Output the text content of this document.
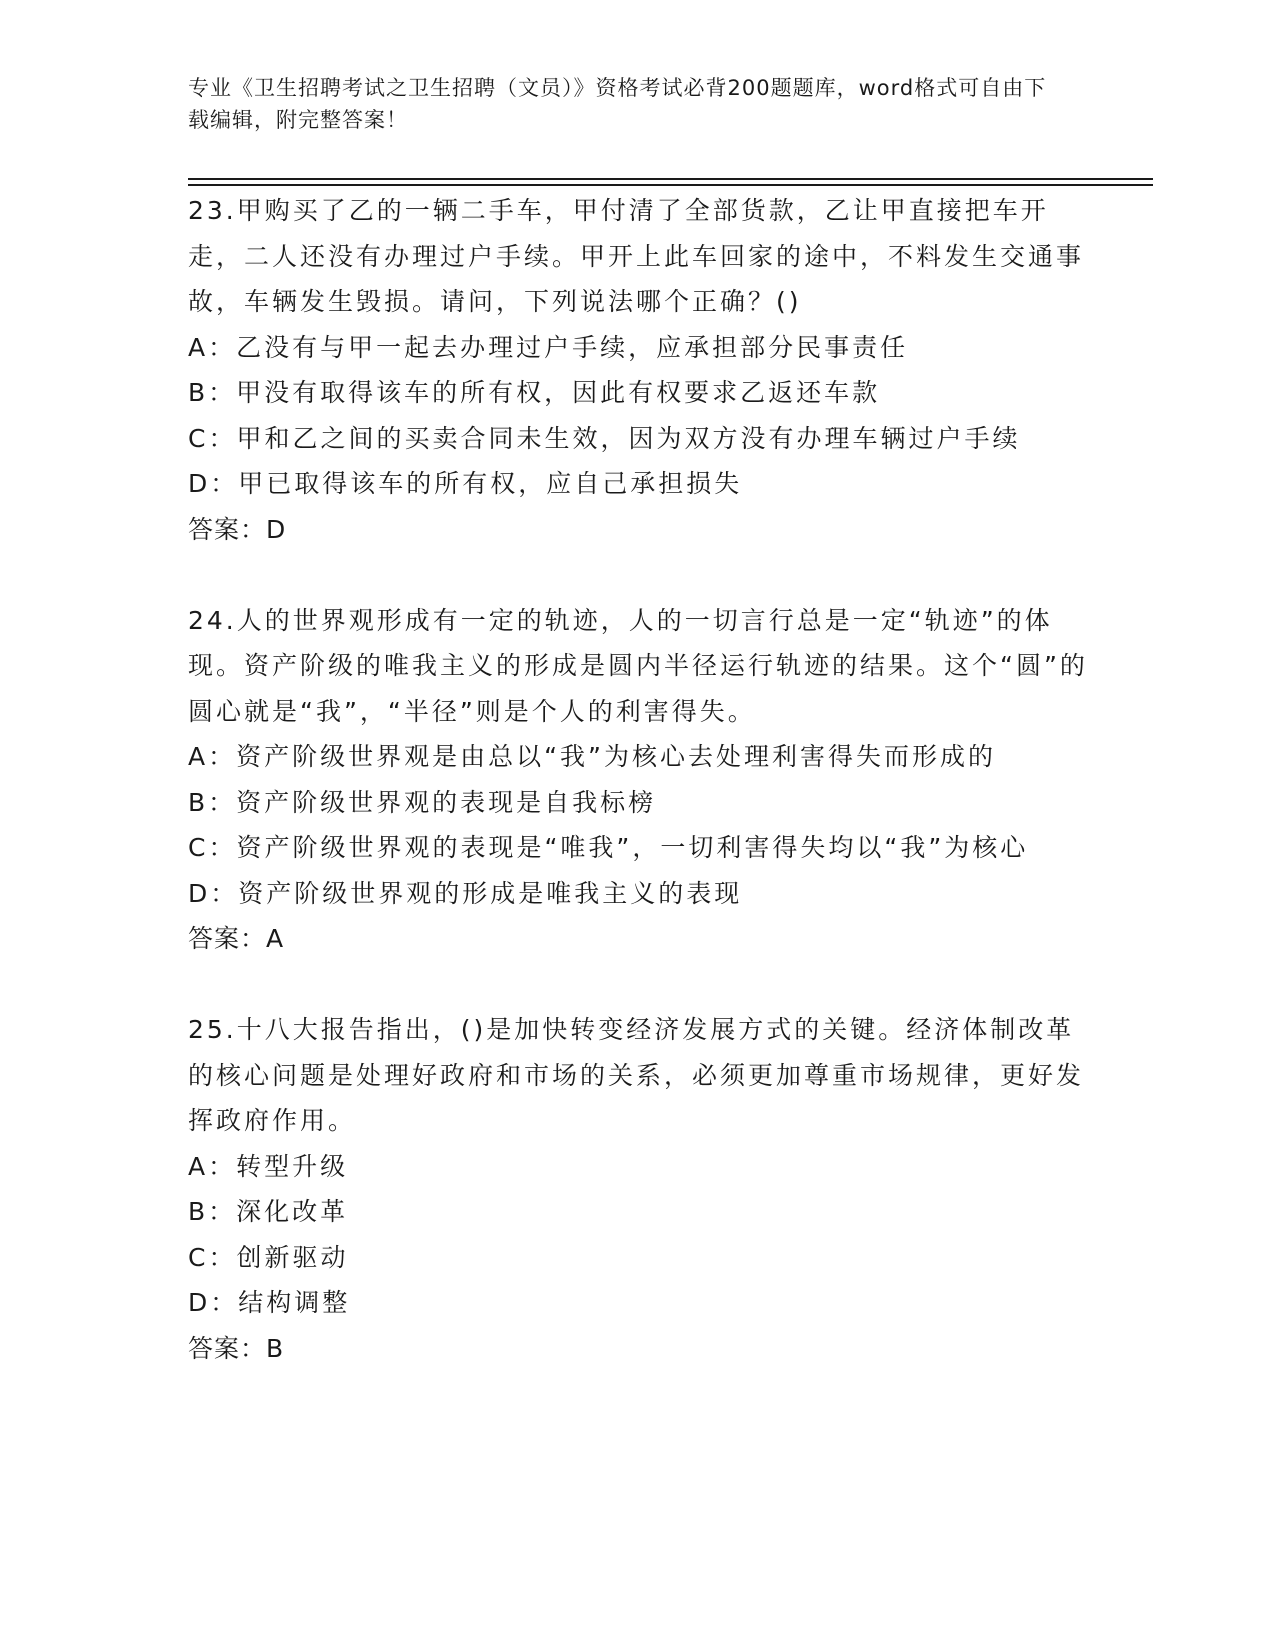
专业《卫生招聘考试之卫生招聘（文员）》资格考试必背200题题库，word格式可自由下载编辑，附完整答案！

23.甲购买了乙的一辆二手车，甲付清了全部货款，乙让甲直接把车开走，二人还没有办理过户手续。甲开上此车回家的途中，不料发生交通事故，车辆发生毁损。请问，下列说法哪个正确？()

A：乙没有与甲一起去办理过户手续，应承担部分民事责任

B：甲没有取得该车的所有权，因此有权要求乙返还车款

C：甲和乙之间的买卖合同未生效，因为双方没有办理车辆过户手续

D：甲已取得该车的所有权，应自己承担损失

答案：D

24.人的世界观形成有一定的轨迹，人的一切言行总是一定“轨迹”的体现。资产阶级的唯我主义的形成是圆内半径运行轨迹的结果。这个“圆”的圆心就是“我”，“半径”则是个人的利害得失。

A：资产阶级世界观是由总以“我”为核心去处理利害得失而形成的

B：资产阶级世界观的表现是自我标榜

C：资产阶级世界观的表现是“唯我”，一切利害得失均以“我”为核心

D：资产阶级世界观的形成是唯我主义的表现

答案：A

25.十八大报告指出，()是加快转变经济发展方式的关键。经济体制改革的核心问题是处理好政府和市场的关系，必须更加尊重市场规律，更好发挥政府作用。

A：转型升级

B：深化改革

C：创新驱动

D：结构调整

答案：B
